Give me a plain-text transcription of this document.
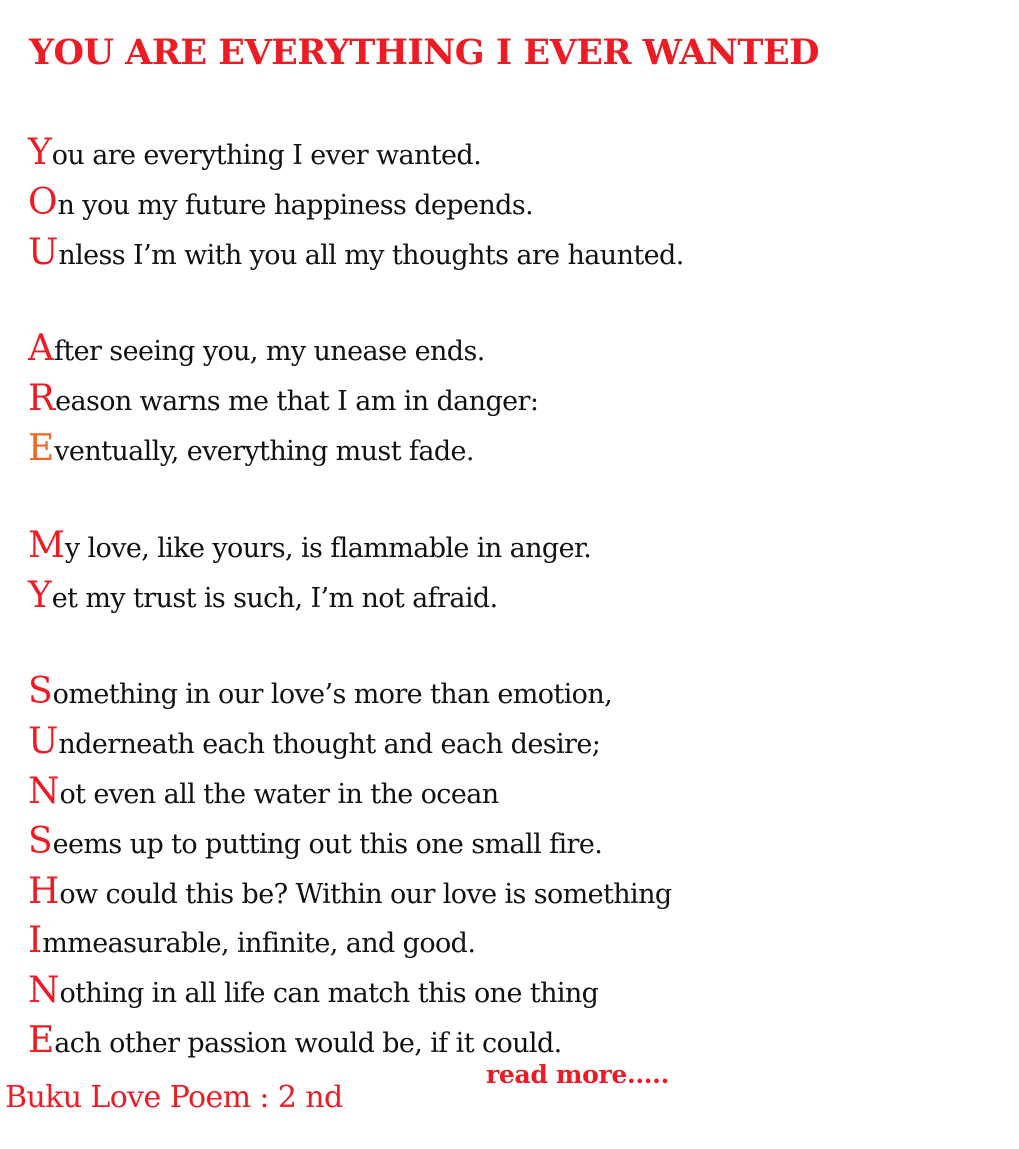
YOU ARE EVERYTHING I EVER WANTED
You are everything I ever wanted.
On you my future happiness depends.
Unless I’m with you all my thoughts are haunted.
After seeing you, my unease ends.
Reason warns me that I am in danger:
Eventually, everything must fade.
My love, like yours, is flammable in anger.
Yet my trust is such, I’m not afraid.
Something in our love’s more than emotion,
Underneath each thought and each desire;
Not even all the water in the ocean
Seems up to putting out this one small fire.
How could this be? Within our love is something
Immeasurable, infinite, and good.
Nothing in all life can match this one thing
Each other passion would be, if it could.
read more.....
Buku Love Poem : 2 nd
